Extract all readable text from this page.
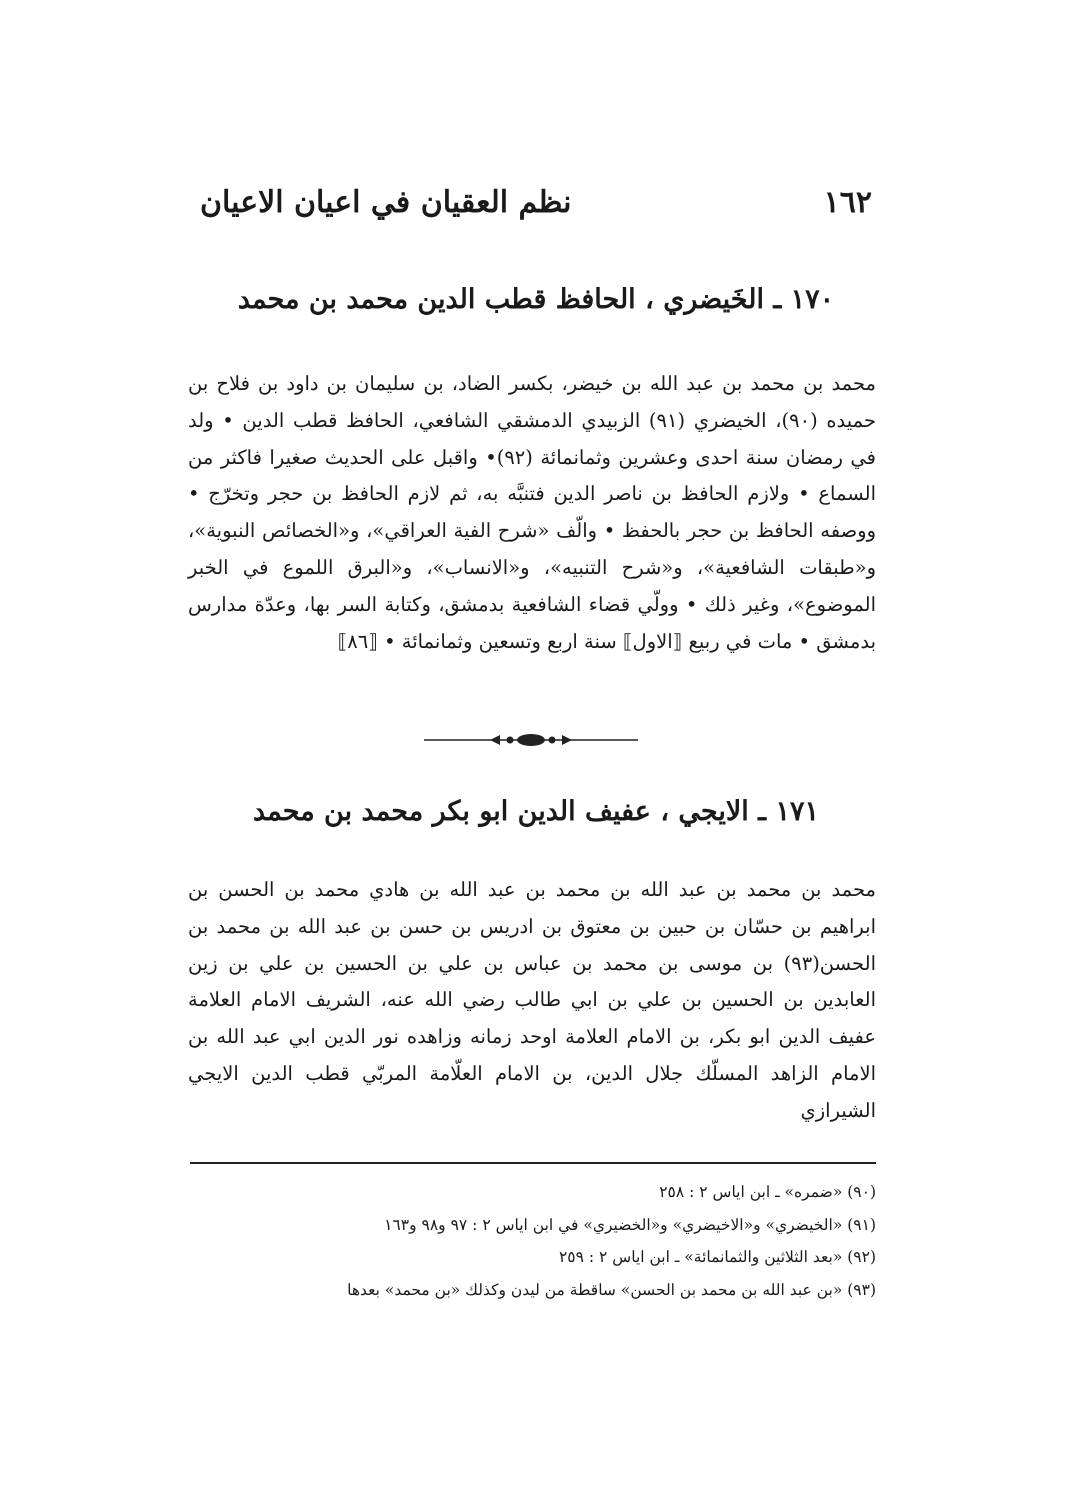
١٦٢
نظم العقيان في اعيان الاعيان
١٧٠ ـ الخَيضري ، الحافظ قطب الدين محمد بن محمد

محمد بن محمد بن عبد الله بن خيضر، بكسر الضاد، بن سليمان بن داود بن فلاح بن حميده (٩٠)، الخيضري (٩١) الزبيدي الدمشقي الشافعي، الحافظ قطب الدين • ولد في رمضان سنة احدى وعشرين وثمانمائة (٩٢)• واقبل على الحديث صغيرا فاكثر من السماع • ولازم الحافظ بن ناصر الدين فتنبَّه به، ثم لازم الحافظ بن حجر وتخرّج • ووصفه الحافظ بن حجر بالحفظ • والّف «شرح الفية العراقي»، و«الخصائص النبوية»، و«طبقات الشافعية»، و«شرح التنبيه»، و«الانساب»، و«البرق اللموع في الخبر الموضوع»، وغير ذلك • وولّي قضاء الشافعية بدمشق، وكتابة السر بها، وعدّة مدارس بدمشق • مات في ربيع ⟦الاول⟧ سنة اربع وتسعين وثمانمائة • ⟦٨٦⟧

١٧١ ـ الايجي ، عفيف الدين ابو بكر محمد بن محمد

محمد بن محمد بن عبد الله بن محمد بن عبد الله بن هادي محمد بن الحسن بن ابراهيم بن حسّان بن حبين بن معتوق بن ادريس بن حسن بن عبد الله بن محمد بن الحسن(٩٣) بن موسى بن محمد بن عباس بن علي بن الحسين بن علي بن زين العابدين بن الحسين بن علي بن ابي طالب رضي الله عنه، الشريف الامام العلامة عفيف الدين ابو بكر، بن الامام العلامة اوحد زمانه وزاهده نور الدين ابي عبد الله بن الامام الزاهد المسلّك جلال الدين، بن الامام العلّامة المربّي قطب الدين الايجي الشيرازي

(٩٠) «ضمره» ـ ابن اياس ٢ : ٢٥٨
(٩١) «الخيضري» و«الاخيضري» و«الخضيري» في ابن اياس ٢ : ٩٧ و٩٨ و١٦٣
(٩٢) «بعد الثلاثين والثمانمائة» ـ ابن اياس ٢ : ٢٥٩
(٩٣) «بن عبد الله بن محمد بن الحسن» ساقطة من ليدن وكذلك «بن محمد» بعدها
